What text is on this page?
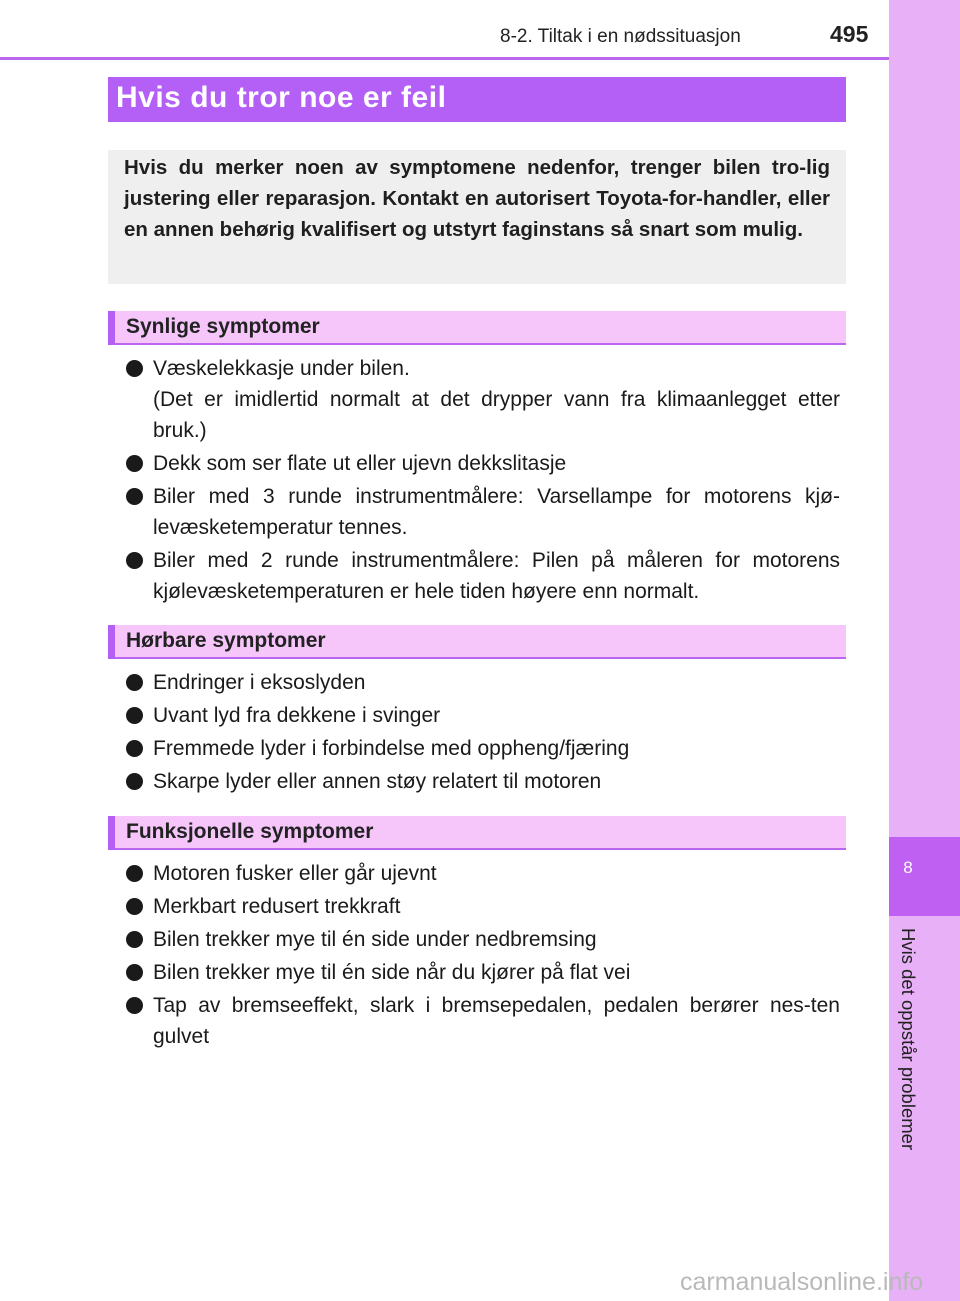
8-2. Tiltak i en nødssituasjon	495
8
Hvis det oppstår problemer
Hvis du tror noe er feil
Hvis du merker noen av symptomene nedenfor, trenger bilen tro-lig justering eller reparasjon. Kontakt en autorisert Toyota-for-handler, eller en annen behørig kvalifisert og utstyrt faginstans så snart som mulig.
Synlige symptomer
Væskelekkasje under bilen.
(Det er imidlertid normalt at det drypper vann fra klimaanlegget etter bruk.)
Dekk som ser flate ut eller ujevn dekkslitasje
Biler med 3 runde instrumentmålere: Varsellampe for motorens kjø-levæsketemperatur tennes.
Biler med 2 runde instrumentmålere: Pilen på måleren for motorens kjølevæsketemperaturen er hele tiden høyere enn normalt.
Hørbare symptomer
Endringer i eksoslyden
Uvant lyd fra dekkene i svinger
Fremmede lyder i forbindelse med oppheng/fjæring
Skarpe lyder eller annen støy relatert til motoren
Funksjonelle symptomer
Motoren fusker eller går ujevnt
Merkbart redusert trekkraft
Bilen trekker mye til én side under nedbremsing
Bilen trekker mye til én side når du kjører på flat vei
Tap av bremseeffekt, slark i bremsepedalen, pedalen berører nes-ten gulvet
carmanualsonline.info
